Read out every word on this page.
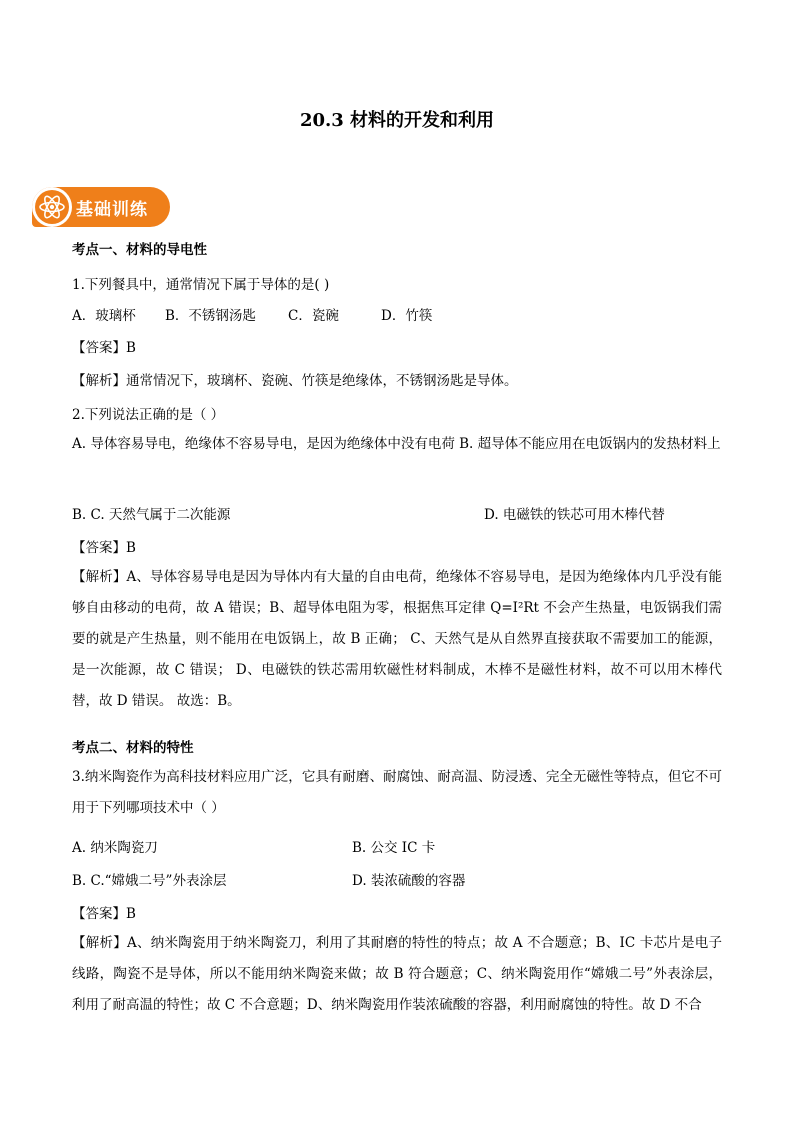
20.3 材料的开发和利用
基础训练
考点一、材料的导电性
1.下列餐具中，通常情况下属于导体的是( )
A．玻璃杯 B．不锈钢汤匙 C．瓷碗	D．竹筷
【答案】B
【解析】通常情况下，玻璃杯、瓷碗、竹筷是绝缘体，不锈钢汤匙是导体。
2.下列说法正确的是（ ）
A. 导体容易导电，绝缘体不容易导电，是因为绝缘体中没有电荷 B. 超导体不能应用在电饭锅内的发热材料上
B. C. 天然气属于二次能源	D. 电磁铁的铁芯可用木棒代替
【答案】B
【解析】A、导体容易导电是因为导体内有大量的自由电荷，绝缘体不容易导电，是因为绝缘体内几乎没有能够自由移动的电荷，故 A 错误；B、超导体电阻为零，根据焦耳定律 Q=I²Rt 不会产生热量，电饭锅我们需要的就是产生热量，则不能用在电饭锅上，故 B 正确； C、天然气是从自然界直接获取不需要加工的能源，是一次能源，故 C 错误； D、电磁铁的铁芯需用软磁性材料制成，木棒不是磁性材料，故不可以用木棒代替，故 D 错误。 故选：B。
考点二、材料的特性
3.纳米陶瓷作为高科技材料应用广泛，它具有耐磨、耐腐蚀、耐高温、防浸透、完全无磁性等特点，但它不可用于下列哪项技术中（ ）
A. 纳米陶瓷刀	B. 公交 IC 卡
B. C.“嫦娥二号”外表涂层	D. 装浓硫酸的容器
【答案】B
【解析】A、纳米陶瓷用于纳米陶瓷刀，利用了其耐磨的特性的特点；故 A 不合题意；B、IC 卡芯片是电子线路，陶瓷不是导体，所以不能用纳米陶瓷来做；故 B 符合题意；C、纳米陶瓷用作“嫦娥二号”外表涂层，利用了耐高温的特性；故 C 不合意题；D、纳米陶瓷用作装浓硫酸的容器，利用耐腐蚀的特性。故 D 不合
